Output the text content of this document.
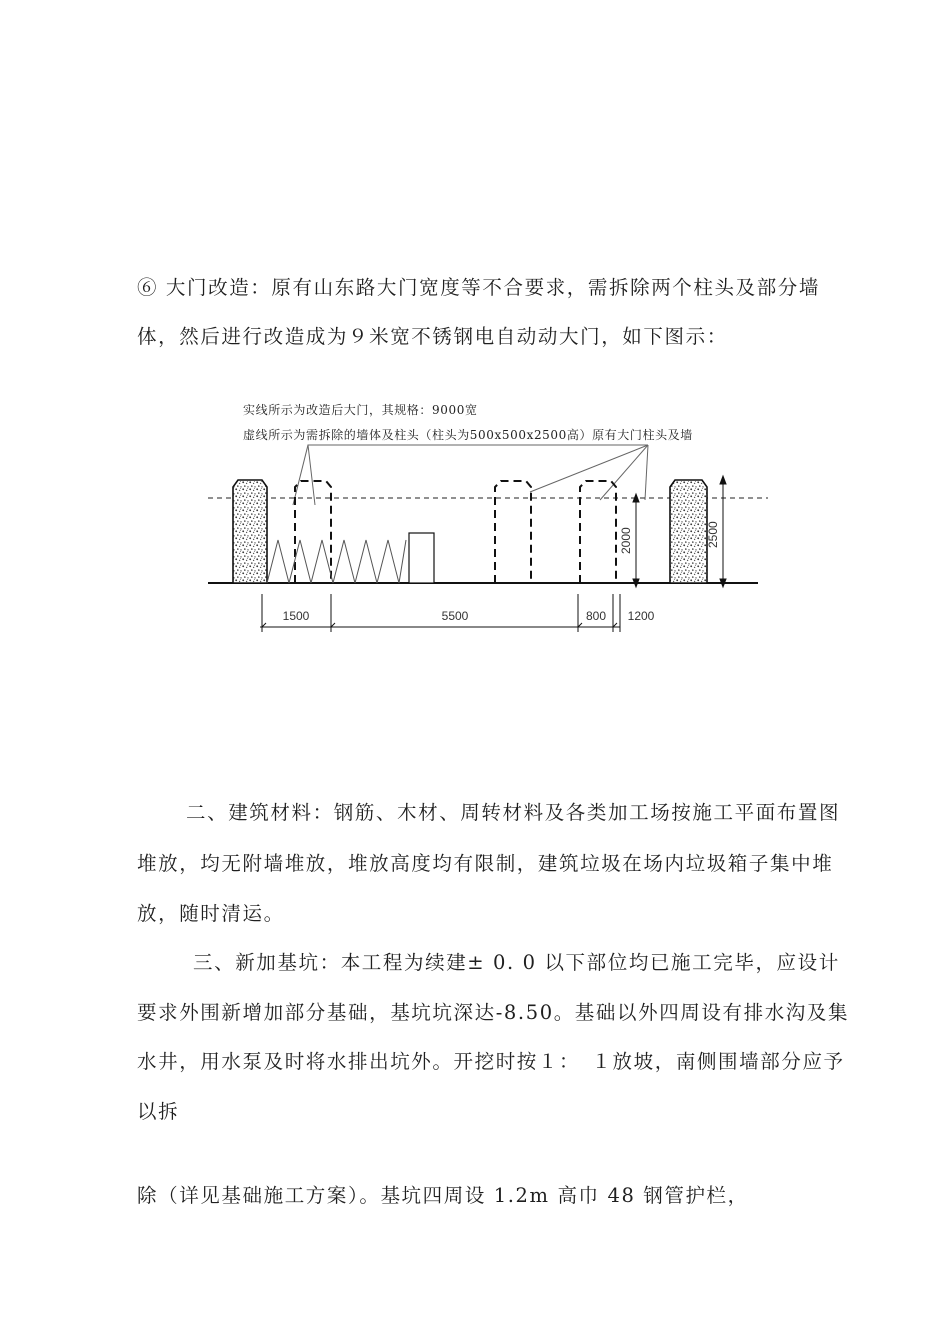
⑥ 大门改造：原有山东路大门宽度等不合要求，需拆除两个柱头及部分墙
体，然后进行改造成为９米宽不锈钢电自动动大门，如下图示：
实线所示为改造后大门，其规格：9000宽
虚线所示为需拆除的墙体及柱头（柱头为500x500x2500高）原有大门柱头及墙
2000	2500
1500	5500	800 1200
二、建筑材料：钢筋、木材、周转材料及各类加工场按施工平面布置图
堆放，均无附墙堆放，堆放高度均有限制，建筑垃圾在场内垃圾箱子集中堆
放，随时清运。
三、新加基坑：本工程为续建± 0. 0 以下部位均已施工完毕，应设计
要求外围新增加部分基础，基坑坑深达-8.50。基础以外四周设有排水沟及集
水井，用水泵及时将水排出坑外。开挖时按１：　１放坡，南侧围墙部分应予
以拆
除（详见基础施工方案）。基坑四周设 1.2m 高巾 48 钢管护栏，
